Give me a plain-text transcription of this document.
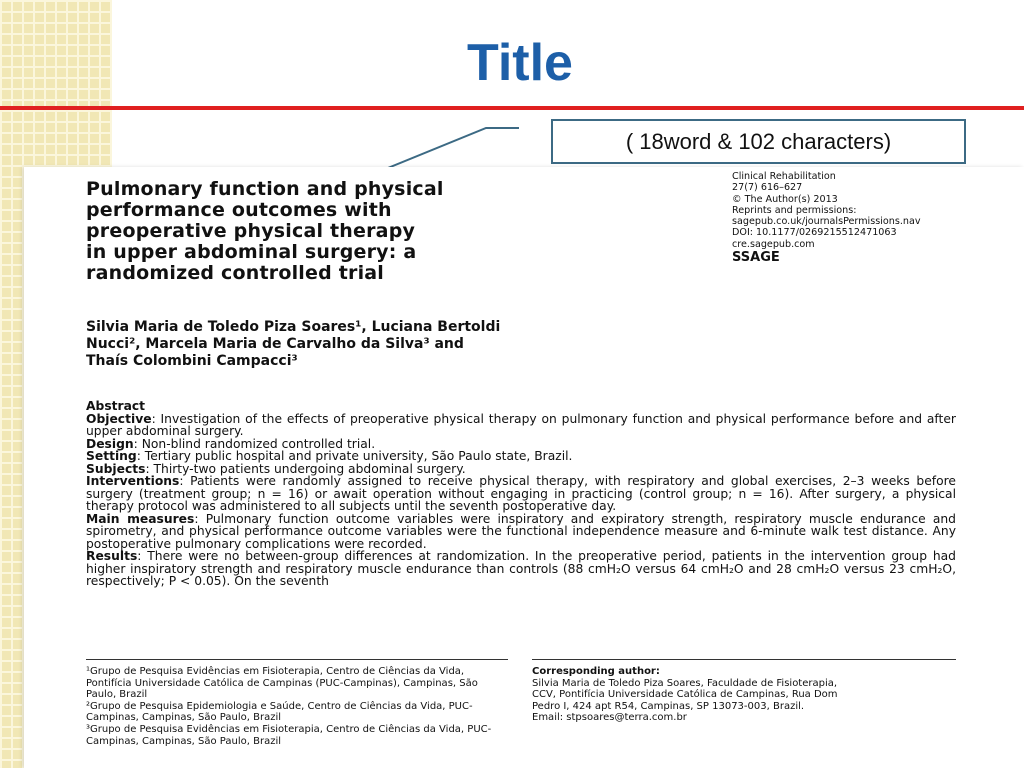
Title
( 18word & 102 characters)
Pulmonary function and physical
performance outcomes with
preoperative physical therapy
in upper abdominal surgery: a
randomized controlled trial
Clinical Rehabilitation
27(7) 616–627
© The Author(s) 2013
Reprints and permissions:
sagepub.co.uk/journalsPermissions.nav
DOI: 10.1177/0269215512471063
cre.sagepub.com
SSAGE
Silvia Maria de Toledo Piza Soares¹, Luciana Bertoldi
Nucci², Marcela Maria de Carvalho da Silva³ and
Thaís Colombini Campacci³

Abstract

Objective: Investigation of the effects of preoperative physical therapy on pulmonary function and physical performance before and after upper abdominal surgery.

Design: Non-blind randomized controlled trial.

Setting: Tertiary public hospital and private university, São Paulo state, Brazil.

Subjects: Thirty-two patients undergoing abdominal surgery.

Interventions: Patients were randomly assigned to receive physical therapy, with respiratory and global exercises, 2–3 weeks before surgery (treatment group; n = 16) or await operation without engaging in practicing (control group; n = 16). After surgery, a physical therapy protocol was administered to all subjects until the seventh postoperative day.

Main measures: Pulmonary function outcome variables were inspiratory and expiratory strength, respiratory muscle endurance and spirometry, and physical performance outcome variables were the functional independence measure and 6-minute walk test distance. Any postoperative pulmonary complications were recorded.

Results: There were no between-group differences at randomization. In the preoperative period, patients in the intervention group had higher inspiratory strength and respiratory muscle endurance than controls (88 cmH₂O versus 64 cmH₂O and 28 cmH₂O versus 23 cmH₂O, respectively; P < 0.05). On the seventh

¹Grupo de Pesquisa Evidências em Fisioterapia, Centro de Ciências da Vida, Pontifícia Universidade Católica de Campinas (PUC-Campinas), Campinas, São Paulo, Brazil

²Grupo de Pesquisa Epidemiologia e Saúde, Centro de Ciências da Vida, PUC-Campinas, Campinas, São Paulo, Brazil

³Grupo de Pesquisa Evidências em Fisioterapia, Centro de Ciências da Vida, PUC-Campinas, Campinas, São Paulo, Brazil

Corresponding author:

Silvia Maria de Toledo Piza Soares, Faculdade de Fisioterapia,

CCV, Pontifícia Universidade Católica de Campinas, Rua Dom

Pedro I, 424 apt R54, Campinas, SP 13073-003, Brazil.

Email: stpsoares@terra.com.br
